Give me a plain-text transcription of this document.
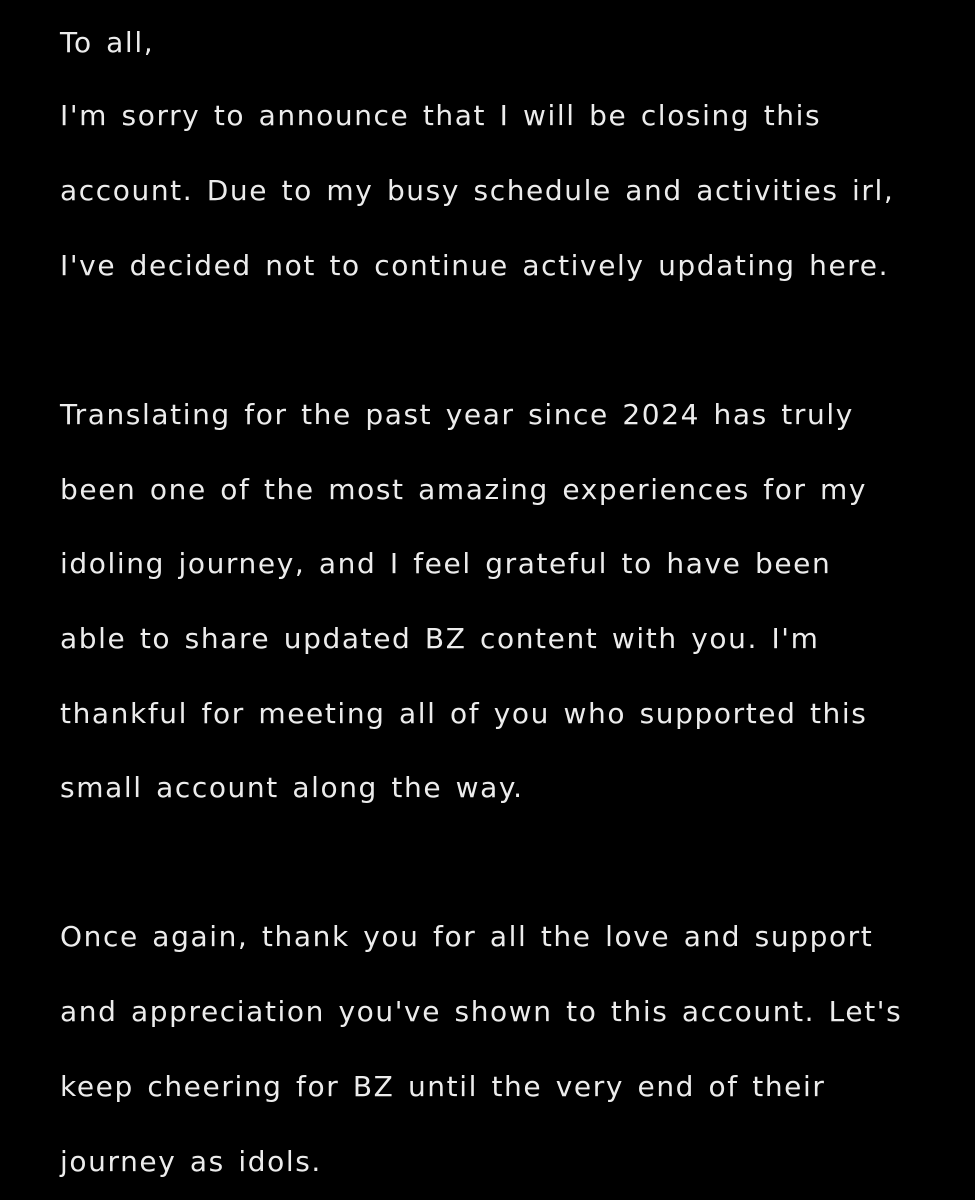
To all,
I'm sorry to announce that I will be closing this
account. Due to my busy schedule and activities irl,
I've decided not to continue actively updating here.
Translating for the past year since 2024 has truly
been one of the most amazing experiences for my
idoling journey, and I feel grateful to have been
able to share updated BZ content with you. I'm
thankful for meeting all of you who supported this
small account along the way.
Once again, thank you for all the love and support
and appreciation you've shown to this account. Let's
keep cheering for BZ until the very end of their
journey as idols.
